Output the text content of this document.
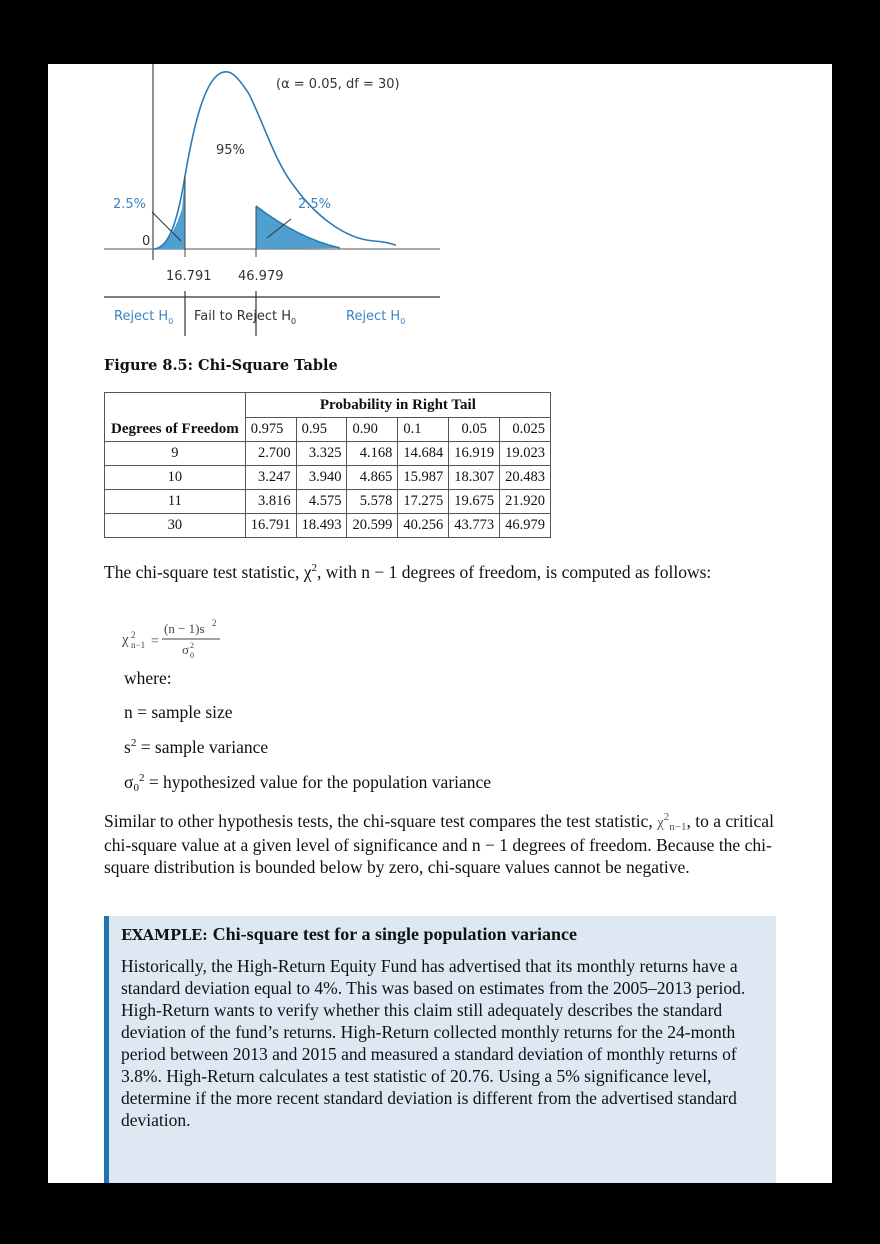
(α = 0.05, df = 30)
95%
2.5%	2.5%
0
16.791 46.979
Reject $H_0$ Fail to Reject $H_0$	Reject $H_0$
Figure 8.5: Chi-Square Table
Degrees of Freedom	Probability in Right Tail					
	0.975	0.95	0.90	0.1	0.05	0.025
9	2.700	3.325	4.168	14.684	16.919	19.023
10	3.247	3.940	4.865	15.987	18.307	20.483
11	3.816	4.575	5.578	17.275	19.675	21.920
30	16.791	18.493	20.599	40.256	43.773	46.979
The chi-square test statistic, $\chi^2$, with n − 1 degrees of freedom, is computed as follows:
χ 2
n−1 =
(n − 1)s 2
σ 2
0
where:
n = sample size
$s^2$ = sample variance
$\sigma_0^2$ = hypothesized value for the population variance
Similar to other hypothesis tests, the chi-square test compares the test statistic, $\chi^2_{n-1}$, to a critical chi-square value at a given level of significance and n − 1 degrees of freedom. Because the chi-square distribution is bounded below by zero, chi-square values cannot be negative.
EXAMPLE: Chi-square test for a single population variance
Historically, the High-Return Equity Fund has advertised that its monthly returns have a standard deviation equal to 4%. This was based on estimates from the 2005–2013 period. High-Return wants to verify whether this claim still adequately describes the standard deviation of the fund’s returns. High-Return collected monthly returns for the 24-month period between 2013 and 2015 and measured a standard deviation of monthly returns of 3.8%. High-Return calculates a test statistic of 20.76. Using a 5% significance level, determine if the more recent standard deviation is different from the advertised standard deviation.
